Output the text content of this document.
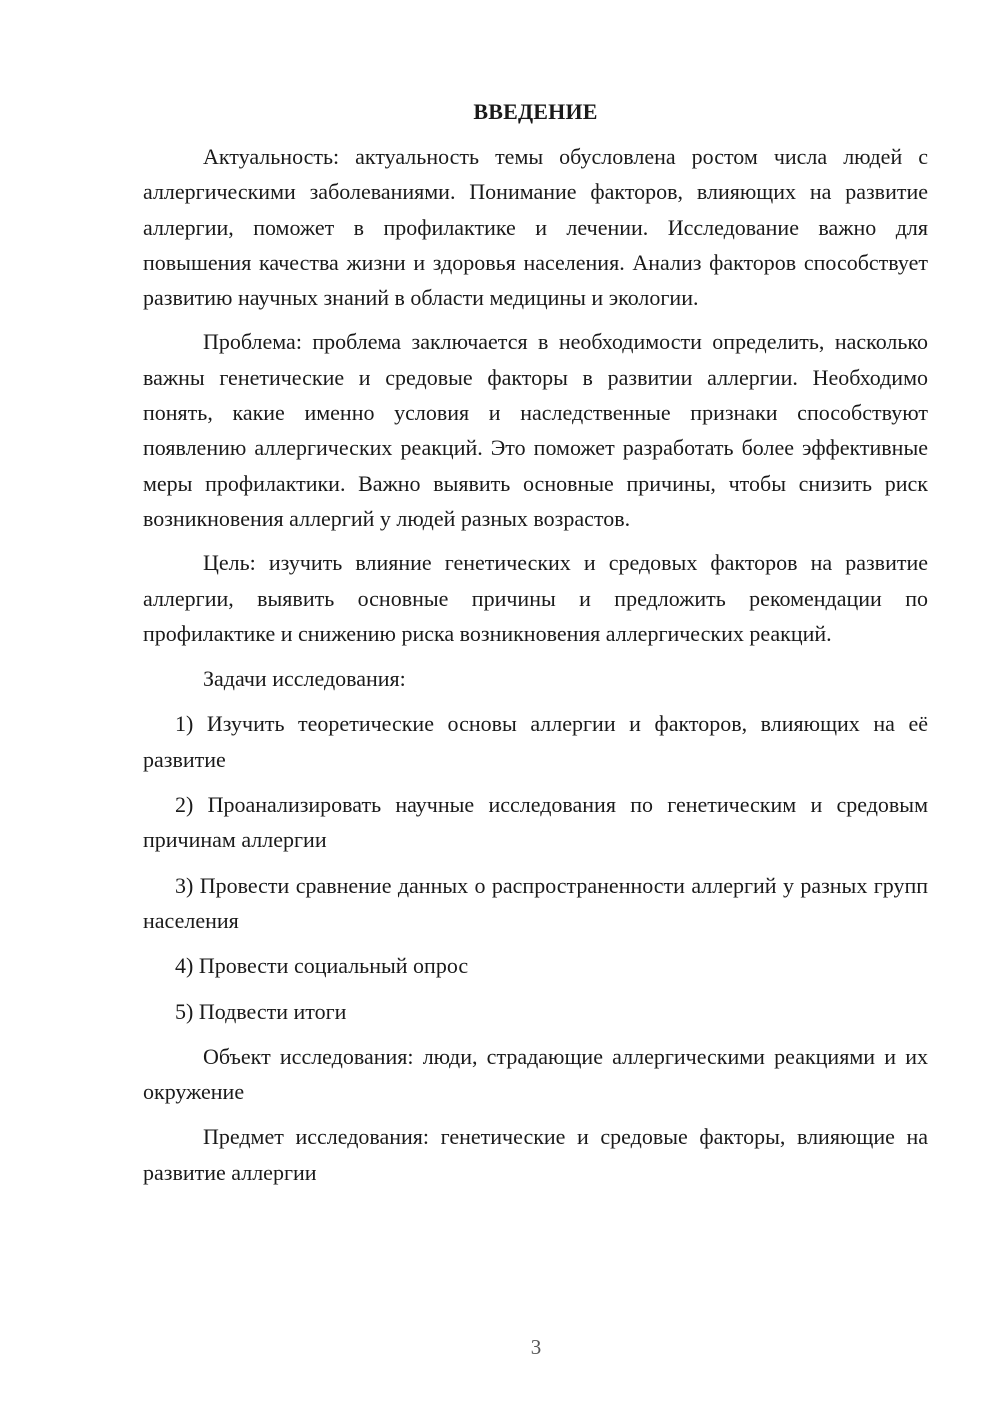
ВВЕДЕНИЕ

Актуальность: актуальность темы обусловлена ростом числа людей с аллергическими заболеваниями. Понимание факторов, влияющих на развитие аллергии, поможет в профилактике и лечении. Исследование важно для повышения качества жизни и здоровья населения. Анализ факторов способствует развитию научных знаний в области медицины и экологии.

Проблема: проблема заключается в необходимости определить, насколько важны генетические и средовые факторы в развитии аллергии. Необходимо понять, какие именно условия и наследственные признаки способствуют появлению аллергических реакций. Это поможет разработать более эффективные меры профилактики. Важно выявить основные причины, чтобы снизить риск возникновения аллергий у людей разных возрастов.

Цель: изучить влияние генетических и средовых факторов на развитие аллергии, выявить основные причины и предложить рекомендации по профилактике и снижению риска возникновения аллергических реакций.

Задачи исследования:

1) Изучить теоретические основы аллергии и факторов, влияющих на её развитие

2) Проанализировать научные исследования по генетическим и средовым причинам аллергии

3) Провести сравнение данных о распространенности аллергий у разных групп населения

4) Провести социальный опрос

5) Подвести итоги

Объект исследования: люди, страдающие аллергическими реакциями и их окружение

Предмет исследования: генетические и средовые факторы, влияющие на развитие аллергии

3
